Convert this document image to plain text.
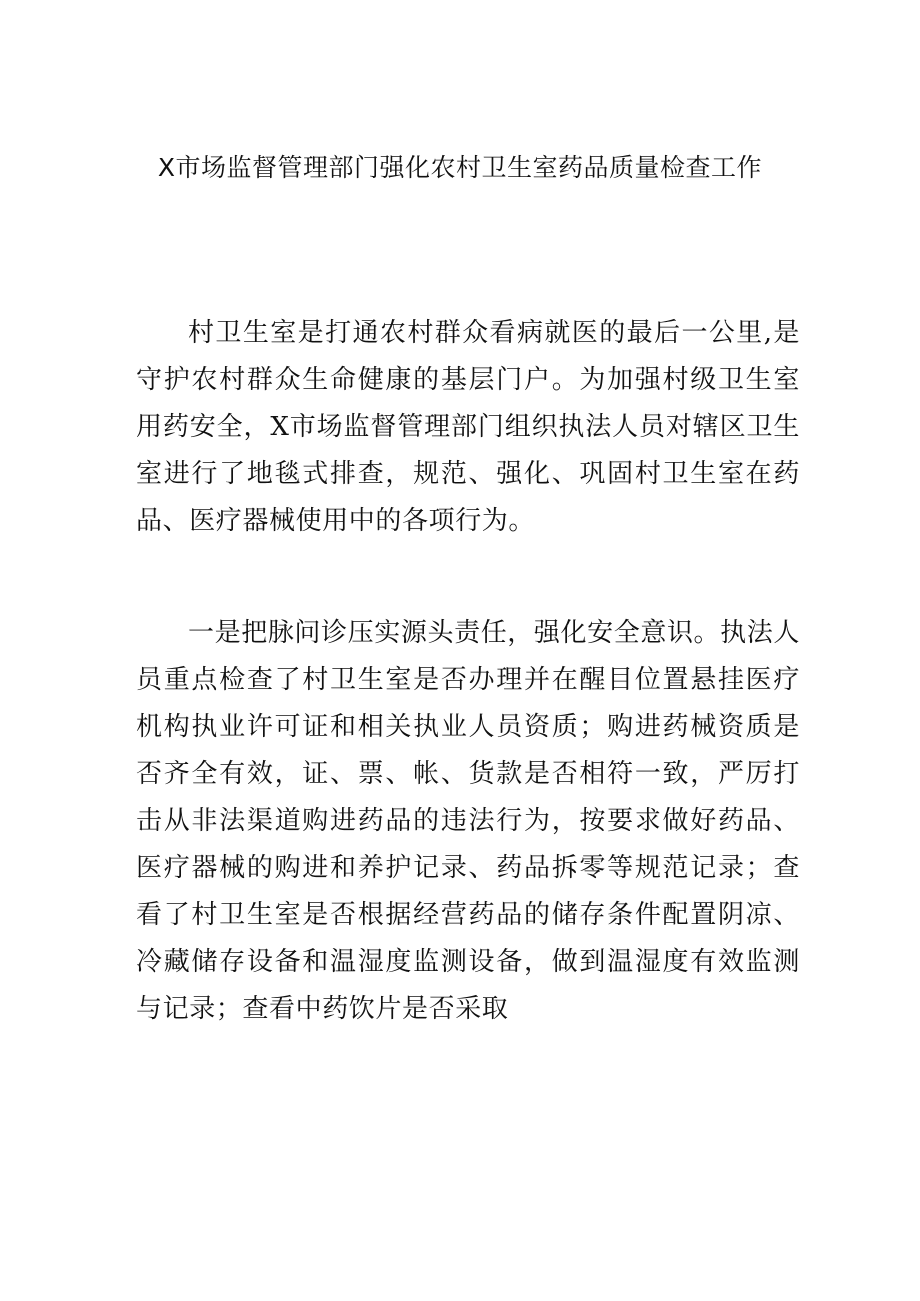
X市场监督管理部门强化农村卫生室药品质量检查工作

村卫生室是打通农村群众看病就医的最后一公里,是守护农村群众生命健康的基层门户。为加强村级卫生室用药安全，X市场监督管理部门组织执法人员对辖区卫生室进行了地毯式排查，规范、强化、巩固村卫生室在药品、医疗器械使用中的各项行为。

一是把脉问诊压实源头责任，强化安全意识。执法人员重点检查了村卫生室是否办理并在醒目位置悬挂医疗机构执业许可证和相关执业人员资质；购进药械资质是否齐全有效，证、票、帐、货款是否相符一致，严厉打击从非法渠道购进药品的违法行为，按要求做好药品、医疗器械的购进和养护记录、药品拆零等规范记录；查看了村卫生室是否根据经营药品的储存条件配置阴凉、冷藏储存设备和温湿度监测设备，做到温湿度有效监测与记录；查看中药饮片是否采取
